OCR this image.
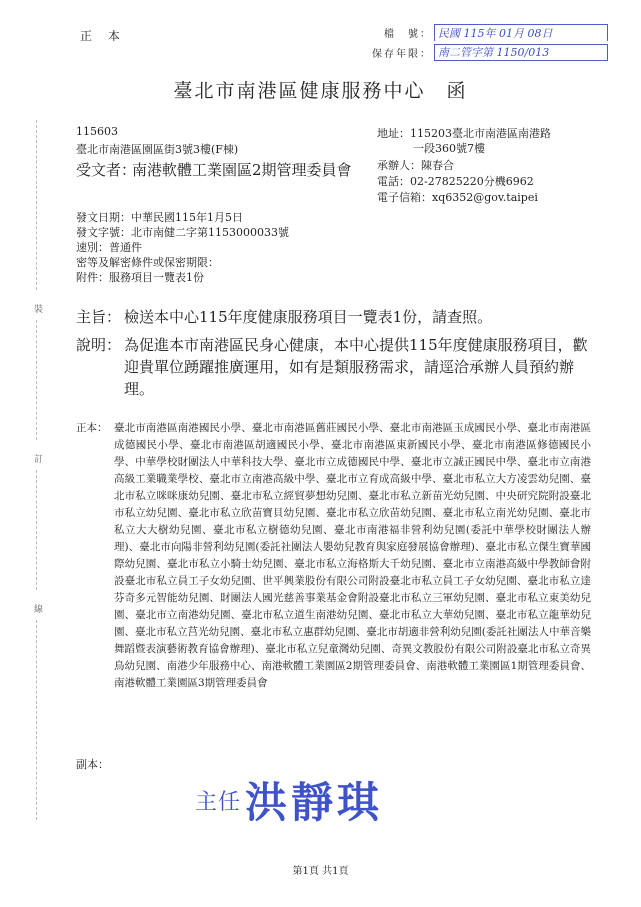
正 本	檔　號： 民國 115年 01月 08日
保存年限： 南二管字第 1150/013
臺北市南港區健康服務中心　函
115603
臺北市南港區園區街3號3樓(F棟)
受文者：南港軟體工業園區2期管理委員會
地址：115203臺北市南港區南港路
一段360號7樓
承辦人：陳春合
電話：02-27825220分機6962
電子信箱：xq6352@gov.taipei
發文日期：中華民國115年1月5日
發文字號：北市南健二字第1153000033號
速別：普通件
密等及解密條件或保密期限：
附件：服務項目一覽表1份
主旨： 檢送本中心115年度健康服務項目一覽表1份，請查照。
說明： 為促進本市南港區民身心健康，本中心提供115年度健康服務項目，歡迎貴單位踴躍推廣運用，如有是類服務需求，請逕洽承辦人員預約辦理。
正本： 臺北市南港區南港國民小學、臺北市南港區舊莊國民小學、臺北市南港區玉成國民小學、臺北市南港區成德國民小學、臺北市南港區胡適國民小學、臺北市南港區東新國民小學、臺北市南港區修德國民小學、中華學校財團法人中華科技大學、臺北市立成德國民中學、臺北市立誠正國民中學、臺北市立南港高級工業職業學校、臺北市立南港高級中學、臺北市立育成高級中學、臺北市私立大方凌雲幼兒園、臺北市私立咪咪康幼兒園、臺北市私立經貿夢想幼兒園、臺北市私立新苗光幼兒園、中央研究院附設臺北市私立幼兒園、臺北市私立欣苗寶貝幼兒園、臺北市私立欣苗幼兒園、臺北市私立南光幼兒園、臺北市私立大大樹幼兒園、臺北市私立樹德幼兒園、臺北市南港福非營利幼兒園(委託中華學校財團法人辦理)、臺北市向陽非營利幼兒園(委託社團法人嬰幼兒教育與家庭發展協會辦理)、臺北市私立傑生寶華國際幼兒園、臺北市私立小騎士幼兒園、臺北市私立海格斯大千幼兒園、臺北市立南港高級中學教師會附設臺北市私立員工子女幼兒園、世平興業股份有限公司附設臺北市私立員工子女幼兒園、臺北市私立達芬奇多元智能幼兒園、財團法人國光慈善事業基金會附設臺北市私立三軍幼兒園、臺北市私立東美幼兒園、臺北市立南港幼兒園、臺北市私立道生南港幼兒園、臺北市私立大華幼兒園、臺北市私立龍華幼兒園、臺北市私立莒光幼兒園、臺北市私立惠群幼兒園、臺北市胡適非營利幼兒園(委託社團法人中華音樂舞蹈暨表演藝術教育協會辦理)、臺北市私立兒童灣幼兒園、奇異文教股份有限公司附設臺北市私立奇異鳥幼兒園、南港少年服務中心、南港軟體工業園區2期管理委員會、南港軟體工業園區1期管理委員會、南港軟體工業園區3期管理委員會
副本：
主任洪靜琪
第1頁 共1頁
裝
訂
線
